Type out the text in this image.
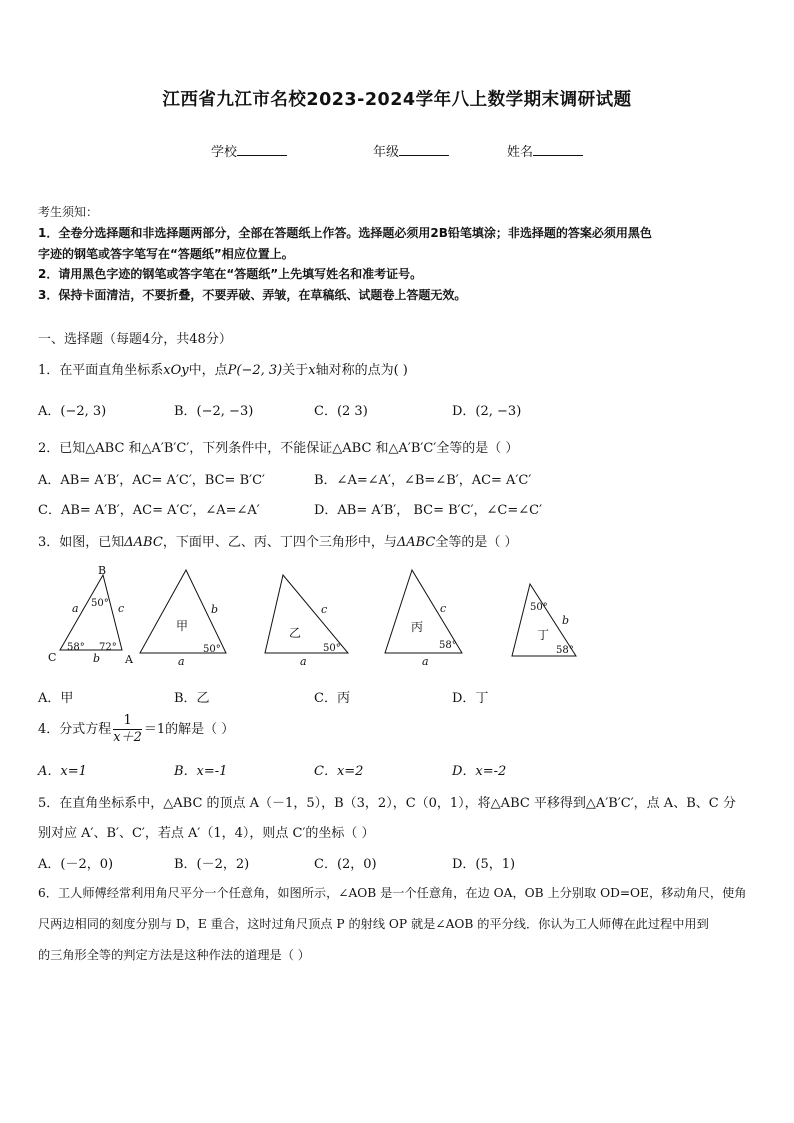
江西省九江市名校2023-2024学年八上数学期末调研试题
学校	年级	姓名
考生须知：
1．全卷分选择题和非选择题两部分，全部在答题纸上作答。选择题必须用2B铅笔填涂；非选择题的答案必须用黑色
字迹的钢笔或答字笔写在“答题纸”相应位置上。
2．请用黑色字迹的钢笔或答字笔在“答题纸”上先填写姓名和准考证号。
3．保持卡面清洁，不要折叠，不要弄破、弄皱，在草稿纸、试题卷上答题无效。
一、选择题（每题4分，共48分）
1．在平面直角坐标系xOy中，点P(−2, 3)关于x轴对称的点为( )
A．(−2, 3)	B．(−2, −3)	C．(2 3)	D．(2, −3)
2．已知△ABC 和△A′B′C′，下列条件中，不能保证△ABC 和△A′B′C′全等的是（ ）
A．AB= A′B′，AC= A′C′，BC= B′C′	B．∠A=∠A′，∠B=∠B′，AC= A′C′
C．AB= A′B′，AC= A′C′，∠A=∠A′	D．AB= A′B′， BC= B′C′，∠C=∠C′
3．如图，已知ΔABC，下面甲、乙、丙、丁四个三角形中，与ΔABC全等的是（ ）
B
C	A
a	c
b
50°
58° 72°
甲
b
a
50°
乙
c
a
50°
丙
c
a
58°
丁
b
50°
58°
A．甲	B．乙	C．丙	D．丁
4．分式方程 $\frac{1}{x+2} =1$的解是（ ）
A．x=1	B．x=-1	C．x=2	D．x=-2
5．在直角坐标系中，△ABC 的顶点 A（－1，5），B（3，2），C（0，1），将△ABC 平移得到△A′B′C′，点 A、B、C 分
别对应 A′、B′、C′，若点 A′（1，4），则点 C′的坐标（ ）
A．(－2，0)	B．(－2，2)	C．(2，0)	D．(5，1)
6．工人师傅经常利用角尺平分一个任意角，如图所示，∠AOB 是一个任意角，在边 OA，OB 上分别取 OD=OE，移动角尺，使角
尺两边相同的刻度分别与 D，E 重合，这时过角尺顶点 P 的射线 OP 就是∠AOB 的平分线．你认为工人师傅在此过程中用到
的三角形全等的判定方法是这种作法的道理是（ ）
